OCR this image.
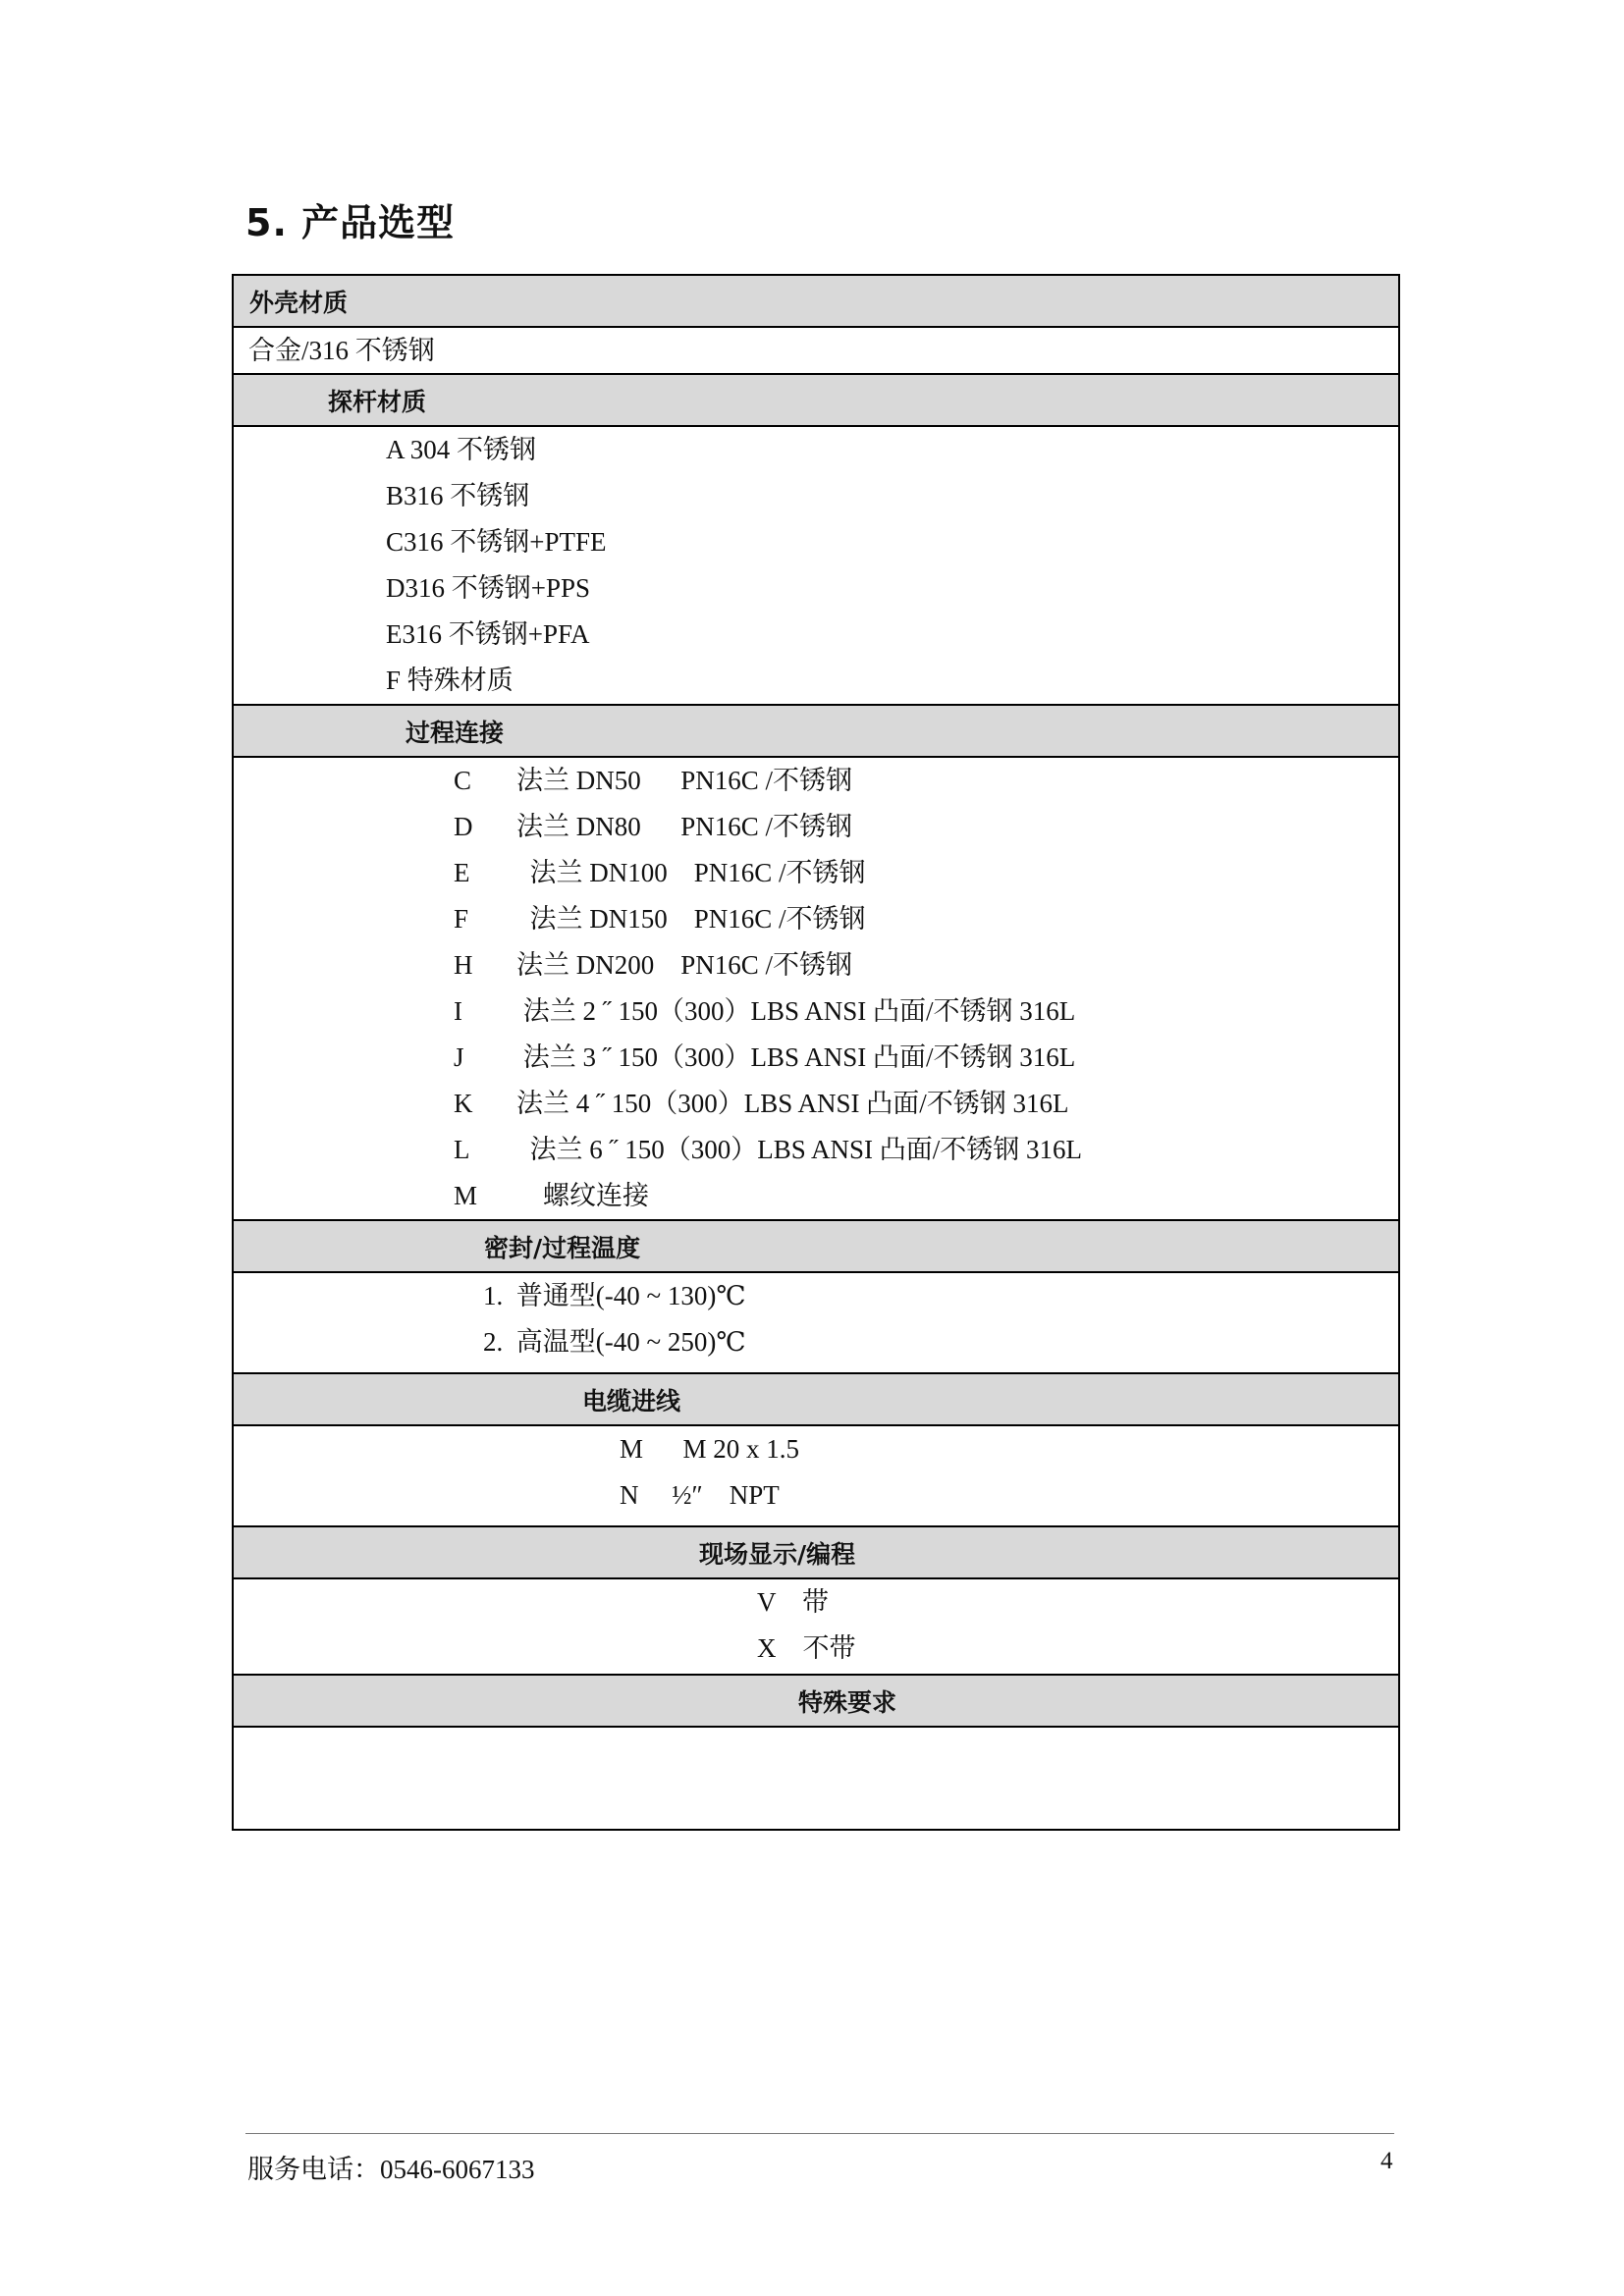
5. 产品选型
外壳材质
合金/316 不锈钢
探杆材质
A 304 不锈钢
B316 不锈钢
C316 不锈钢+PTFE
D316 不锈钢+PPS
E316 不锈钢+PFA
F 特殊材质
过程连接
C 法兰 DN50      PN16C /不锈钢
D 法兰 DN80      PN16C /不锈钢
E  法兰 DN100    PN16C /不锈钢
F  法兰 DN150    PN16C /不锈钢
H 法兰 DN200    PN16C /不锈钢
I 法兰 2 ˝ 150（300）LBS ANSI 凸面/不锈钢 316L
J 法兰 3 ˝ 150（300）LBS ANSI 凸面/不锈钢 316L
K 法兰 4 ˝ 150（300）LBS ANSI 凸面/不锈钢 316L
L  法兰 6 ˝ 150（300）LBS ANSI 凸面/不锈钢 316L
M    螺纹连接
密封/过程温度
1.  普通型(-40 ~ 130)℃
2.  高温型(-40 ~ 250)℃
电缆进线
M      M 20 x 1.5
N     ½″    NPT
现场显示/编程
V    带
X    不带
特殊要求
服务电话：0546-6067133	4
